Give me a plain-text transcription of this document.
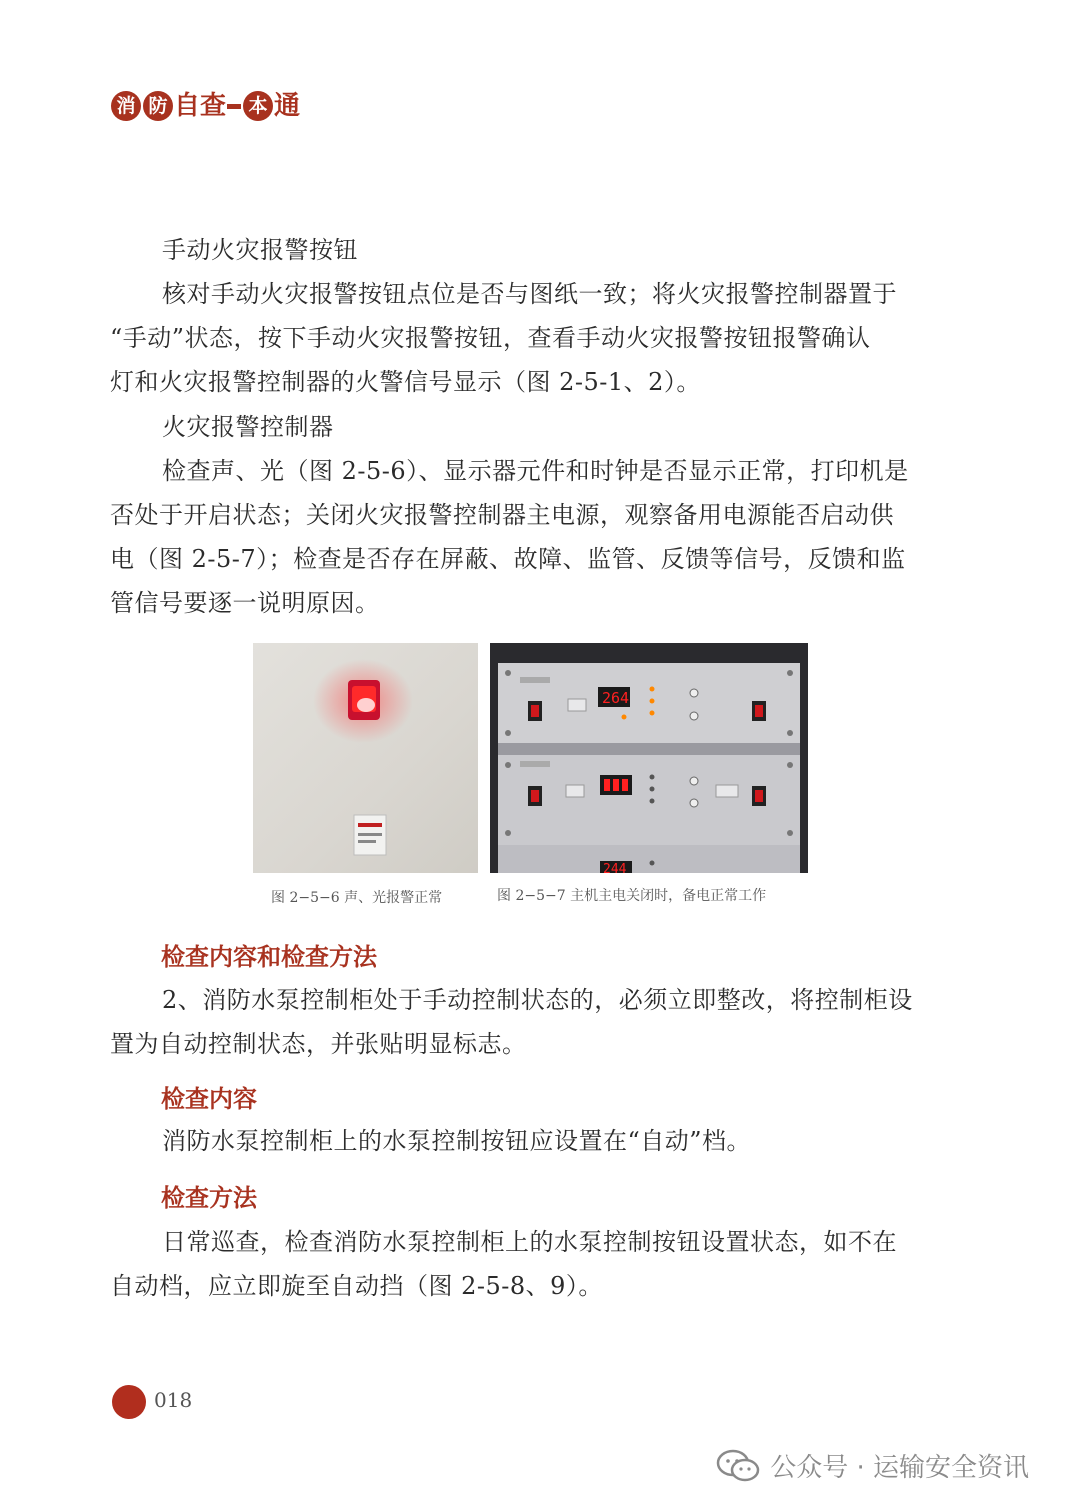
消 防 自 查 本 通
手动火灾报警按钮
核对手动火灾报警按钮点位是否与图纸一致；将火灾报警控制器置于
“手动”状态，按下手动火灾报警按钮，查看手动火灾报警按钮报警确认
灯和火灾报警控制器的火警信号显示（图 2-5-1、2）。
火灾报警控制器
检查声、光（图 2-5-6）、显示器元件和时钟是否显示正常，打印机是
否处于开启状态；关闭火灾报警控制器主电源，观察备用电源能否启动供
电（图 2-5-7）；检查是否存在屏蔽、故障、监管、反馈等信号，反馈和监
管信号要逐一说明原因。
264
244
图 2−5−6 声、光报警正常	图 2−5−7 主机主电关闭时，备电正常工作
检查内容和检查方法
2、消防水泵控制柜处于手动控制状态的，必须立即整改，将控制柜设
置为自动控制状态，并张贴明显标志。
检查内容
消防水泵控制柜上的水泵控制按钮应设置在“自动”档。
检查方法
日常巡查，检查消防水泵控制柜上的水泵控制按钮设置状态，如不在
自动档，应立即旋至自动挡（图 2-5-8、9）。
018
公众号 · 运输安全资讯
